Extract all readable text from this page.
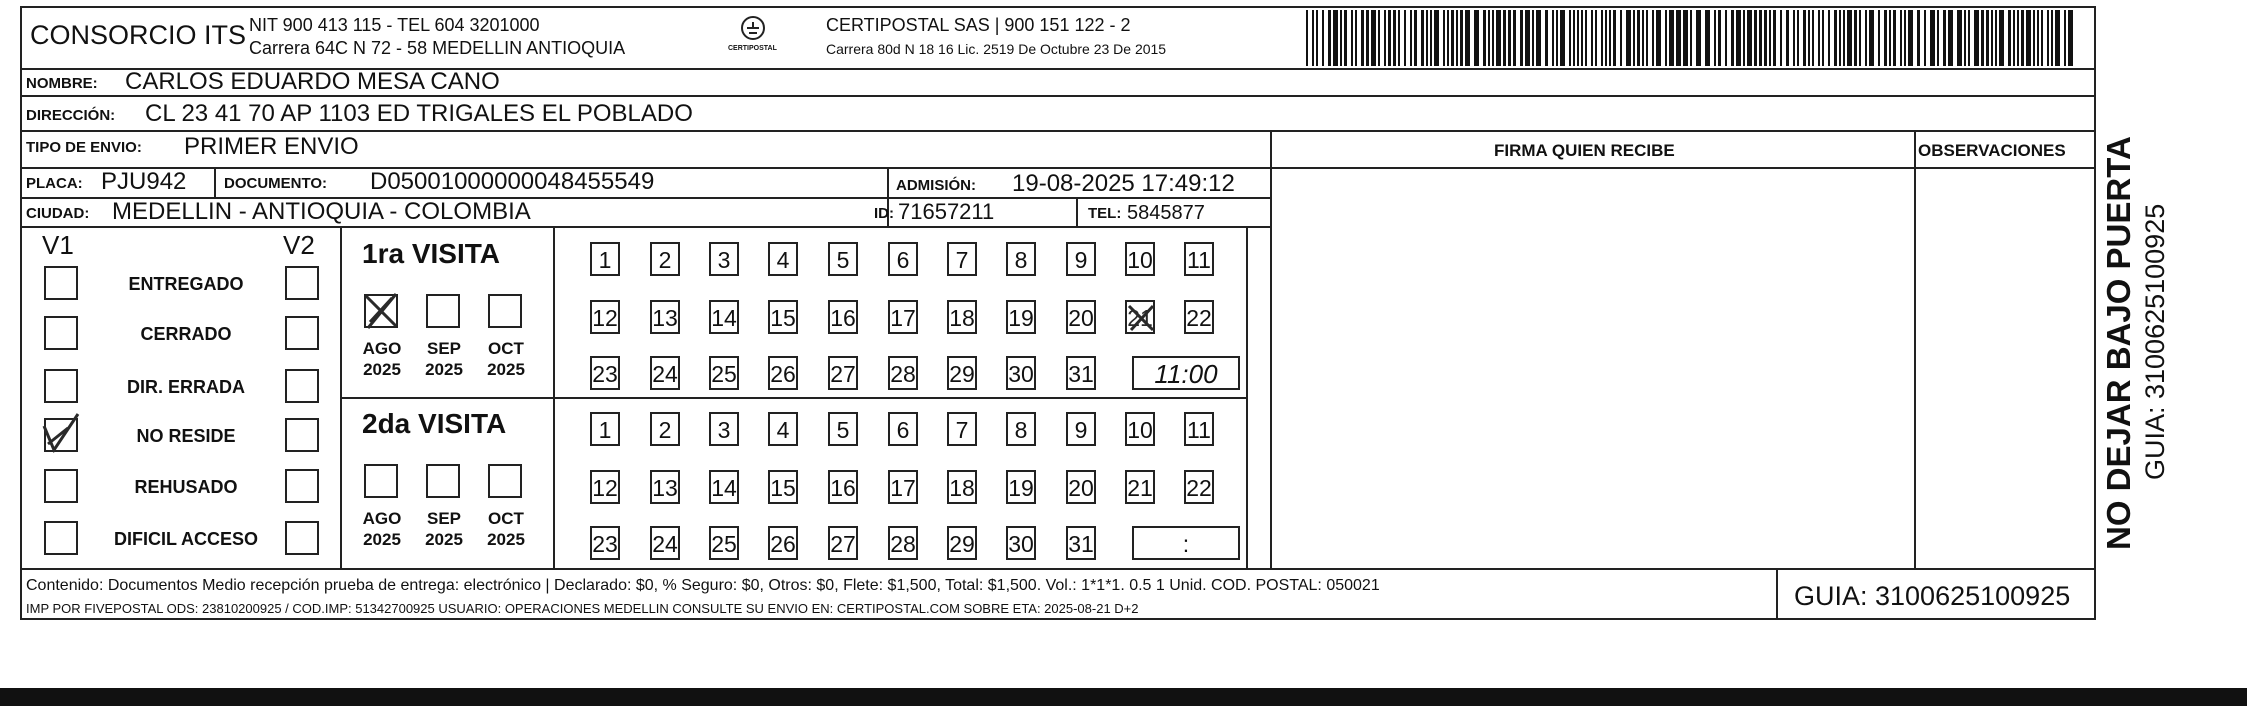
CONSORCIO ITS NIT 900 413 115 - TEL 604 3201000
Carrera 64C N 72 - 58 MEDELLIN ANTIOQUIA	CERTIPOSTAL
CERTIPOSTAL SAS | 900 151 122 - 2
Carrera 80d N 18 16 Lic. 2519 De Octubre 23 De 2015
NOMBRE: CARLOS EDUARDO MESA CANO
DIRECCIÓN: CL 23 41 70 AP 1103 ED TRIGALES EL POBLADO
TIPO DE ENVIO: PRIMER ENVIO
PLACA: PJU942	DOCUMENTO: D05001000000048455549	ADMISIÓN: 19-08-2025 17:49:12
CIUDAD: MEDELLIN - ANTIOQUIA - COLOMBIA	ID: 71657211	TEL: 5845877
FIRMA QUIEN RECIBE	OBSERVACIONES
V1	V2
ENTREGADO
CERRADO
DIR. ERRADA
NO RESIDE
REHUSADO
DIFICIL ACCESO
1ra VISITA
2da VISITA
AGO
2025
SEP
2025
OCT
2025
1	2	3	4	5	6	7	8	9	10 11
12 13 14 15 16 17 18 19 20 21 22
23 24 25 26 27 28 29 30 31	11:00
AGO
2025
SEP
2025
OCT
2025
1	2	3	4	5	6	7	8	9	10 11
12 13 14 15 16 17 18 19 20 21 22
23 24 25 26 27 28 29 30 31	:
Contenido: Documentos Medio recepción prueba de entrega: electrónico | Declarado: $0, % Seguro: $0, Otros: $0, Flete: $1,500, Total: $1,500. Vol.: 1*1*1. 0.5 1 Unid. COD. POSTAL: 050021
IMP POR FIVEPOSTAL ODS: 23810200925 / COD.IMP: 51342700925 USUARIO: OPERACIONES MEDELLIN CONSULTE SU ENVIO EN: CERTIPOSTAL.COM SOBRE ETA: 2025-08-21 D+2	GUIA: 3100625100925
NO DEJAR BAJO PUERTA GUIA: 3100625100925
